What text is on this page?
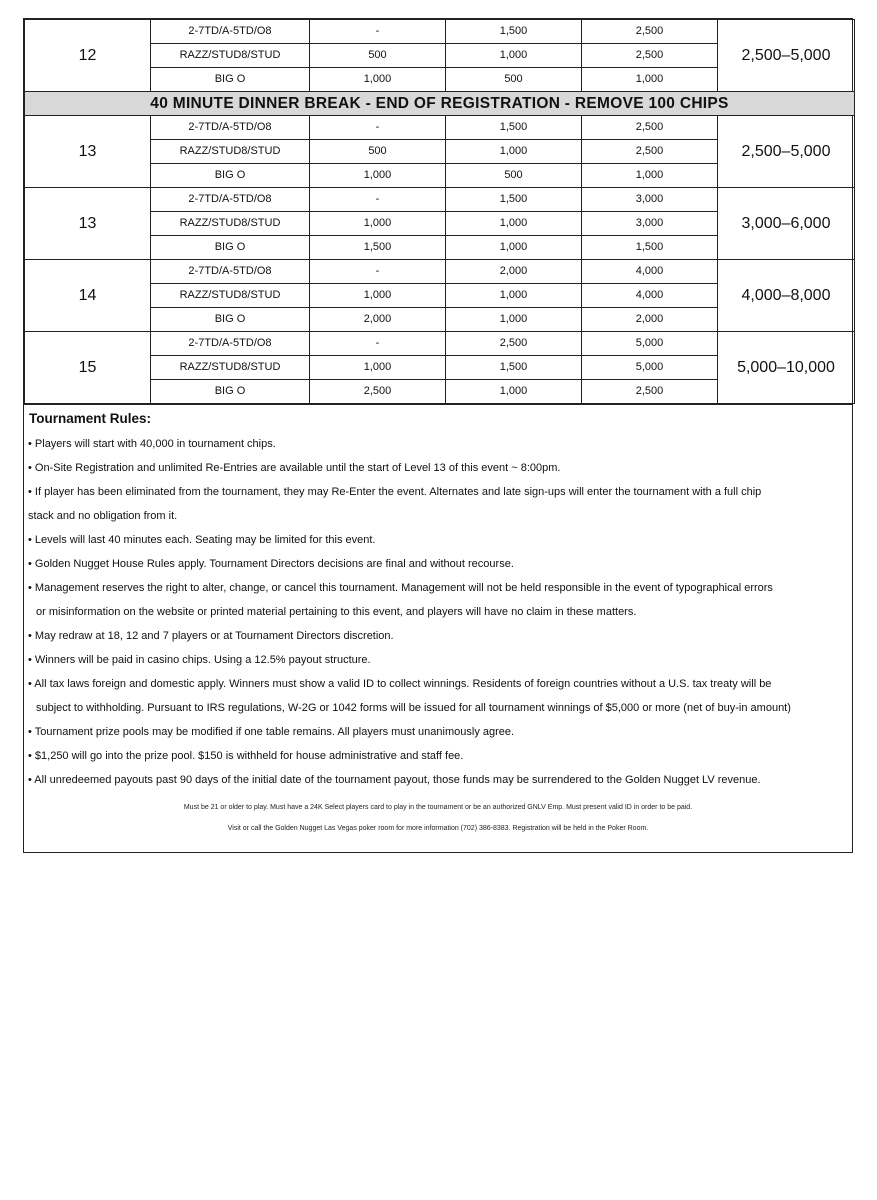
12	2-7TD/A-5TD/O8	-	1,500	2,500	2,500–5,000
	RAZZ/STUD8/STUD	500	1,000	2,500	
	BIG O	1,000	500	1,000	
40 MINUTE DINNER BREAK - END OF REGISTRATION - REMOVE 100 CHIPS					
13	2-7TD/A-5TD/O8	-	1,500	2,500	2,500–5,000
	RAZZ/STUD8/STUD	500	1,000	2,500	
	BIG O	1,000	500	1,000	
13	2-7TD/A-5TD/O8	-	1,500	3,000	3,000–6,000
	RAZZ/STUD8/STUD	1,000	1,000	3,000	
	BIG O	1,500	1,000	1,500	
14	2-7TD/A-5TD/O8	-	2,000	4,000	4,000–8,000
	RAZZ/STUD8/STUD	1,000	1,000	4,000	
	BIG O	2,000	1,000	2,000	
15	2-7TD/A-5TD/O8	-	2,500	5,000	5,000–10,000
	RAZZ/STUD8/STUD	1,000	1,500	5,000	
	BIG O	2,500	1,000	2,500	
Tournament Rules:

• Players will start with 40,000 in tournament chips.

• On-Site Registration and unlimited Re-Entries are available until the start of Level 13 of this event ~ 8:00pm.

• If player has been eliminated from the tournament, they may Re-Enter the event. Alternates and late sign-ups will enter the tournament with a full chip

stack and no obligation from it.

• Levels will last 40 minutes each. Seating may be limited for this event.

• Golden Nugget House Rules apply. Tournament Directors decisions are final and without recourse.

• Management reserves the right to alter, change, or cancel this tournament. Management will not be held responsible in the event of typographical errors

or misinformation on the website or printed material pertaining to this event, and players will have no claim in these matters.

• May redraw at 18, 12 and 7 players or at Tournament Directors discretion.

• Winners will be paid in casino chips. Using a 12.5% payout structure.

• All tax laws foreign and domestic apply. Winners must show a valid ID to collect winnings. Residents of foreign countries without a U.S. tax treaty will be

subject to withholding. Pursuant to IRS regulations, W-2G or 1042 forms will be issued for all tournament winnings of $5,000 or more (net of buy-in amount)

• Tournament prize pools may be modified if one table remains. All players must unanimously agree.

• $1,250 will go into the prize pool. $150 is withheld for house administrative and staff fee.

• All unredeemed payouts past 90 days of the initial date of the tournament payout, those funds may be surrendered to the Golden Nugget LV revenue.

Must be 21 or older to play. Must have a 24K Select players card to play in the tournament or be an authorized GNLV Emp. Must present valid ID in order to be paid.

Visit or call the Golden Nugget Las Vegas poker room for more information (702) 386-8383. Registration will be held in the Poker Room.
